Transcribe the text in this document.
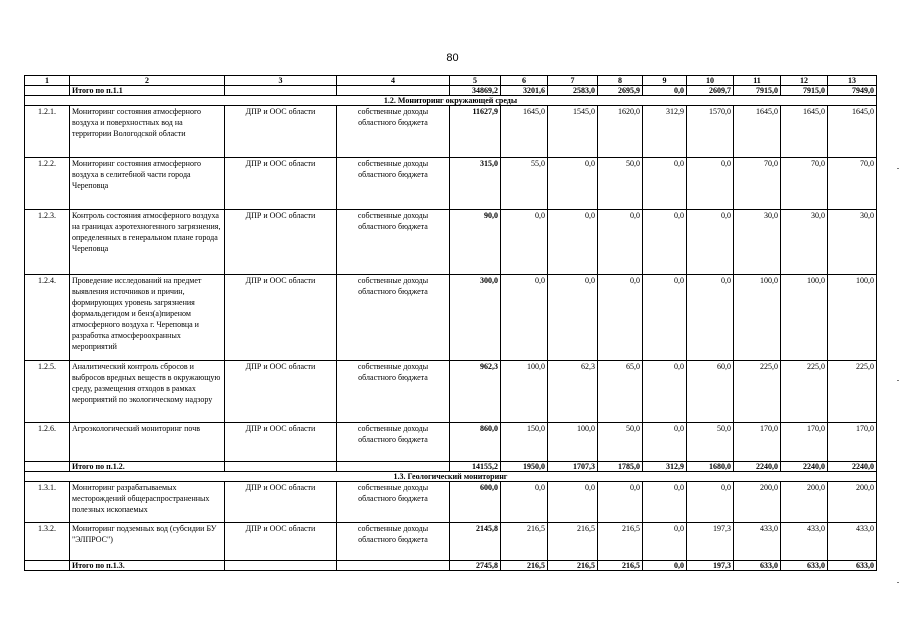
80
1	2	3	4	5	6	7	8	9	10	11	12	13
	Итого по п.1.1			34869,2	3201,6	2583,0	2695,9	0,0	2609,7	7915,0	7915,0	7949,0
1.2. Мониторинг окружающей среды												
1.2.1.	Мониторинг состояния атмосферного воздуха и поверхностных вод на территории Вологодской области	ДПР и ООС области	собственные доходы областного бюджета	11627,9	1645,0	1545,0	1620,0	312,9	1570,0	1645,0	1645,0	1645,0
1.2.2.	Мониторинг состояния атмосферного воздуха в селитебной части города Череповца	ДПР и ООС области	собственные доходы областного бюджета	315,0	55,0	0,0	50,0	0,0	0,0	70,0	70,0	70,0
1.2.3.	Контроль состояния атмосферного воздуха на границах аэротехногенного загрязнения, определенных в генеральном плане города Череповца	ДПР и ООС области	собственные доходы областного бюджета	90,0	0,0	0,0	0,0	0,0	0,0	30,0	30,0	30,0
1.2.4.	Проведение исследований на предмет выявления источников и причин, формирующих уровень загрязнения формальдегидом и бенз(а)пиреном атмосферного воздуха г. Череповца и разработка атмосфероохранных мероприятий	ДПР и ООС области	собственные доходы областного бюджета	300,0	0,0	0,0	0,0	0,0	0,0	100,0	100,0	100,0
1.2.5.	Аналитический контроль сбросов и выбросов вредных веществ в окружающую среду, размещения отходов в рамках мероприятий по экологическому надзору	ДПР и ООС области	собственные доходы областного бюджета	962,3	100,0	62,3	65,0	0,0	60,0	225,0	225,0	225,0
1.2.6.	Агроэкологический мониторинг почв	ДПР и ООС области	собственные доходы областного бюджета	860,0	150,0	100,0	50,0	0,0	50,0	170,0	170,0	170,0
	Итого по п.1.2.			14155,2	1950,0	1707,3	1785,0	312,9	1680,0	2240,0	2240,0	2240,0
1.3. Геологический мониторинг												
1.3.1.	Мониторинг разрабатываемых месторождений общераспространенных полезных ископаемых	ДПР и ООС области	собственные доходы областного бюджета	600,0	0,0	0,0	0,0	0,0	0,0	200,0	200,0	200,0
1.3.2.	Мониторинг подземных вод (субсидии БУ "ЭЛПРОС")	ДПР и ООС области	собственные доходы областного бюджета	2145,8	216,5	216,5	216,5	0,0	197,3	433,0	433,0	433,0
	Итого по п.1.3.			2745,8	216,5	216,5	216,5	0,0	197,3	633,0	633,0	633,0
